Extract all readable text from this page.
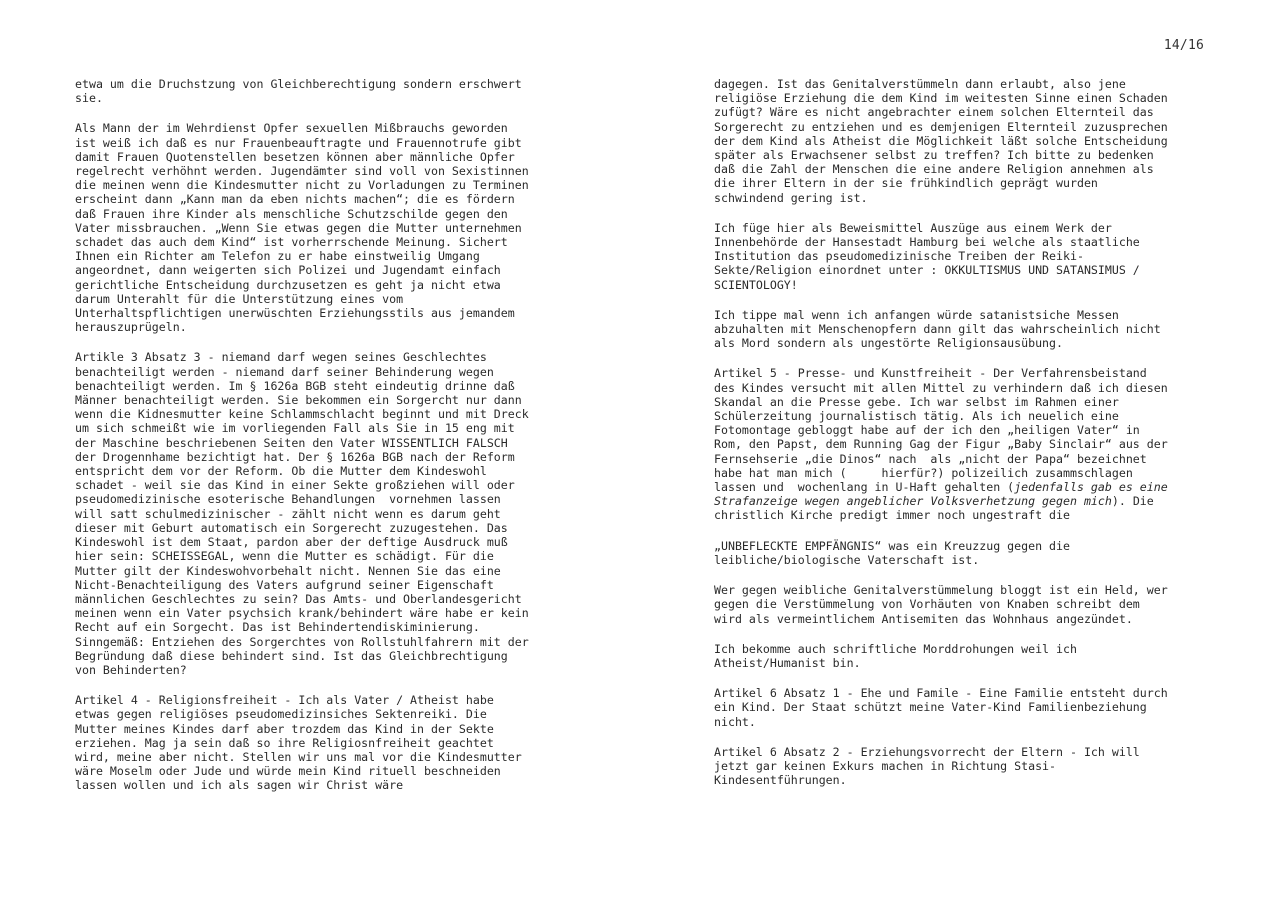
14/16

etwa um die Druchstzung von Gleichberechtigung sondern erschwert
sie.

Als Mann der im Wehrdienst Opfer sexuellen Mißbrauchs geworden
ist weiß ich daß es nur Frauenbeauftragte und Frauennotrufe gibt
damit Frauen Quotenstellen besetzen können aber männliche Opfer
regelrecht verhöhnt werden. Jugendämter sind voll von Sexistinnen
die meinen wenn die Kindesmutter nicht zu Vorladungen zu Terminen
erscheint dann „Kann man da eben nichts machen“; die es fördern
daß Frauen ihre Kinder als menschliche Schutzschilde gegen den
Vater missbrauchen. „Wenn Sie etwas gegen die Mutter unternehmen
schadet das auch dem Kind“ ist vorherrschende Meinung. Sichert
Ihnen ein Richter am Telefon zu er habe einstweilig Umgang
angeordnet, dann weigerten sich Polizei und Jugendamt einfach
gerichtliche Entscheidung durchzusetzen es geht ja nicht etwa
darum Unterahlt für die Unterstützung eines vom
Unterhaltspflichtigen unerwüschten Erziehungsstils aus jemandem
herauszuprügeln.

Artikle 3 Absatz 3 - niemand darf wegen seines Geschlechtes
benachteiligt werden - niemand darf seiner Behinderung wegen
benachteiligt werden. Im § 1626a BGB steht eindeutig drinne daß
Männer benachteiligt werden. Sie bekommen ein Sorgercht nur dann
wenn die Kidnesmutter keine Schlammschlacht beginnt und mit Dreck
um sich schmeißt wie im vorliegenden Fall als Sie in 15 eng mit
der Maschine beschriebenen Seiten den Vater WISSENTLICH FALSCH
der Drogennhame bezichtigt hat. Der § 1626a BGB nach der Reform
entspricht dem vor der Reform. Ob die Mutter dem Kindeswohl
schadet - weil sie das Kind in einer Sekte großziehen will oder
pseudomedizinische esoterische Behandlungen  vornehmen lassen
will satt schulmedizinischer - zählt nicht wenn es darum geht
dieser mit Geburt automatisch ein Sorgerecht zuzugestehen. Das
Kindeswohl ist dem Staat, pardon aber der deftige Ausdruck muß
hier sein: SCHEISSEGAL, wenn die Mutter es schädigt. Für die
Mutter gilt der Kindeswohvorbehalt nicht. Nennen Sie das eine
Nicht-Benachteiligung des Vaters aufgrund seiner Eigenschaft
männlichen Geschlechtes zu sein? Das Amts- und Oberlandesgericht
meinen wenn ein Vater psychsich krank/behindert wäre habe er kein
Recht auf ein Sorgecht. Das ist Behindertendiskiminierung.
Sinngemäß: Entziehen des Sorgerchtes von Rollstuhlfahrern mit der
Begründung daß diese behindert sind. Ist das Gleichbrechtigung
von Behinderten?

Artikel 4 - Religionsfreiheit - Ich als Vater / Atheist habe
etwas gegen religiöses pseudomedizinsiches Sektenreiki. Die
Mutter meines Kindes darf aber trozdem das Kind in der Sekte
erziehen. Mag ja sein daß so ihre Religiosnfreiheit geachtet
wird, meine aber nicht. Stellen wir uns mal vor die Kindesmutter
wäre Moselm oder Jude und würde mein Kind rituell beschneiden
lassen wollen und ich als sagen wir Christ wäre

dagegen. Ist das Genitalverstümmeln dann erlaubt, also jene
religiöse Erziehung die dem Kind im weitesten Sinne einen Schaden
zufügt? Wäre es nicht angebrachter einem solchen Elternteil das
Sorgerecht zu entziehen und es demjenigen Elternteil zuzusprechen
der dem Kind als Atheist die Möglichkeit läßt solche Entscheidung
später als Erwachsener selbst zu treffen? Ich bitte zu bedenken
daß die Zahl der Menschen die eine andere Religion annehmen als
die ihrer Eltern in der sie frühkindlich geprägt wurden
schwindend gering ist.

Ich füge hier als Beweismittel Auszüge aus einem Werk der
Innenbehörde der Hansestadt Hamburg bei welche als staatliche
Institution das pseudomedizinische Treiben der Reiki-
Sekte/Religion einordnet unter : OKKULTISMUS UND SATANSIMUS /
SCIENTOLOGY!

Ich tippe mal wenn ich anfangen würde satanistsiche Messen
abzuhalten mit Menschenopfern dann gilt das wahrscheinlich nicht
als Mord sondern als ungestörte Religionsausübung.

Artikel 5 - Presse- und Kunstfreiheit - Der Verfahrensbeistand
des Kindes versucht mit allen Mittel zu verhindern daß ich diesen
Skandal an die Presse gebe. Ich war selbst im Rahmen einer
Schülerzeitung journalistisch tätig. Als ich neuelich eine
Fotomontage gebloggt habe auf der ich den „heiligen Vater“ in
Rom, den Papst, dem Running Gag der Figur „Baby Sinclair“ aus der
Fernsehserie „die Dinos“ nach  als „nicht der Papa“ bezeichnet
habe hat man mich (     hierfür?) polizeilich zusammschlagen
lassen und  wochenlang in U-Haft gehalten (jedenfalls gab es eine
Strafanzeige wegen angeblicher Volksverhetzung gegen mich). Die
christlich Kirche predigt immer noch ungestraft die

„UNBEFLECKTE EMPFÄNGNIS“ was ein Kreuzzug gegen die
leibliche/biologische Vaterschaft ist.

Wer gegen weibliche Genitalverstümmelung bloggt ist ein Held, wer
gegen die Verstümmelung von Vorhäuten von Knaben schreibt dem
wird als vermeintlichem Antisemiten das Wohnhaus angezündet.

Ich bekomme auch schriftliche Morddrohungen weil ich
Atheist/Humanist bin.

Artikel 6 Absatz 1 - Ehe und Famile - Eine Familie entsteht durch
ein Kind. Der Staat schützt meine Vater-Kind Familienbeziehung
nicht.

Artikel 6 Absatz 2 - Erziehungsvorrecht der Eltern - Ich will
jetzt gar keinen Exkurs machen in Richtung Stasi-
Kindesentführungen.
